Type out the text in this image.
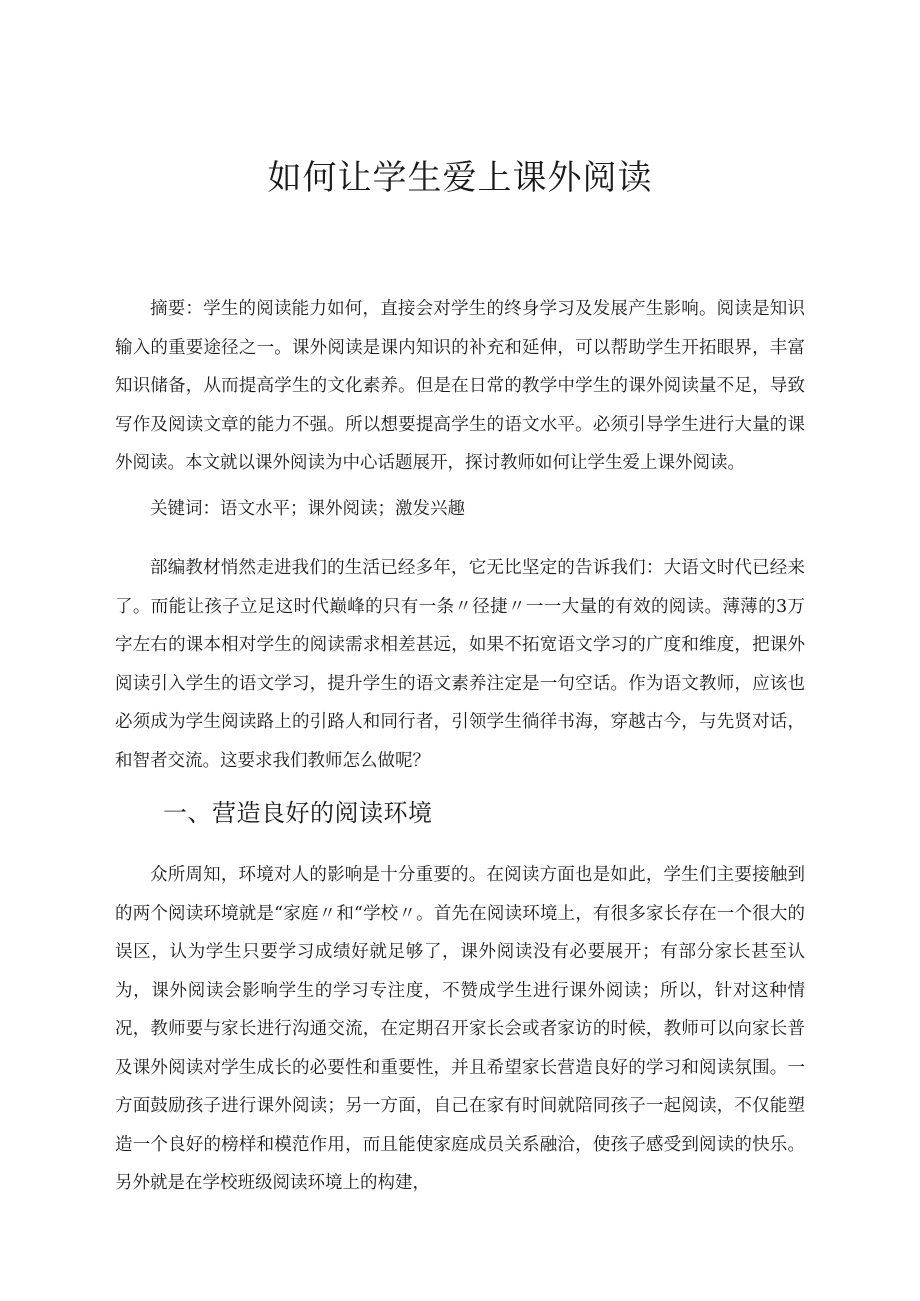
如何让学生爱上课外阅读

摘要：学生的阅读能力如何，直接会对学生的终身学习及发展产生影响。阅读是知识输入的重要途径之一。课外阅读是课内知识的补充和延伸，可以帮助学生开拓眼界，丰富知识储备，从而提高学生的文化素养。但是在日常的教学中学生的课外阅读量不足，导致写作及阅读文章的能力不强。所以想要提高学生的语文水平。必须引导学生进行大量的课外阅读。本文就以课外阅读为中心话题展开，探讨教师如何让学生爱上课外阅读。

关键词：语文水平；课外阅读；激发兴趣

部编教材悄然走进我们的生活已经多年，它无比坚定的告诉我们：大语文时代已经来了。而能让孩子立足这时代巅峰的只有一条〃径捷〃一一大量的有效的阅读。薄薄的3万字左右的课本相对学生的阅读需求相差甚远，如果不拓宽语文学习的广度和维度，把课外阅读引入学生的语文学习，提升学生的语文素养注定是一句空话。作为语文教师，应该也必须成为学生阅读路上的引路人和同行者，引领学生徜徉书海，穿越古今，与先贤对话，和智者交流。这要求我们教师怎么做呢？

一、营造良好的阅读环境

众所周知，环境对人的影响是十分重要的。在阅读方面也是如此，学生们主要接触到的两个阅读环境就是“家庭〃和“学校〃。首先在阅读环境上，有很多家长存在一个很大的误区，认为学生只要学习成绩好就足够了，课外阅读没有必要展开；有部分家长甚至认为，课外阅读会影响学生的学习专注度，不赞成学生进行课外阅读；所以，针对这种情况，教师要与家长进行沟通交流，在定期召开家长会或者家访的时候，教师可以向家长普及课外阅读对学生成长的必要性和重要性，并且希望家长营造良好的学习和阅读氛围。一方面鼓励孩子进行课外阅读；另一方面，自己在家有时间就陪同孩子一起阅读，不仅能塑造一个良好的榜样和模范作用，而且能使家庭成员关系融洽，使孩子感受到阅读的快乐。另外就是在学校班级阅读环境上的构建，
